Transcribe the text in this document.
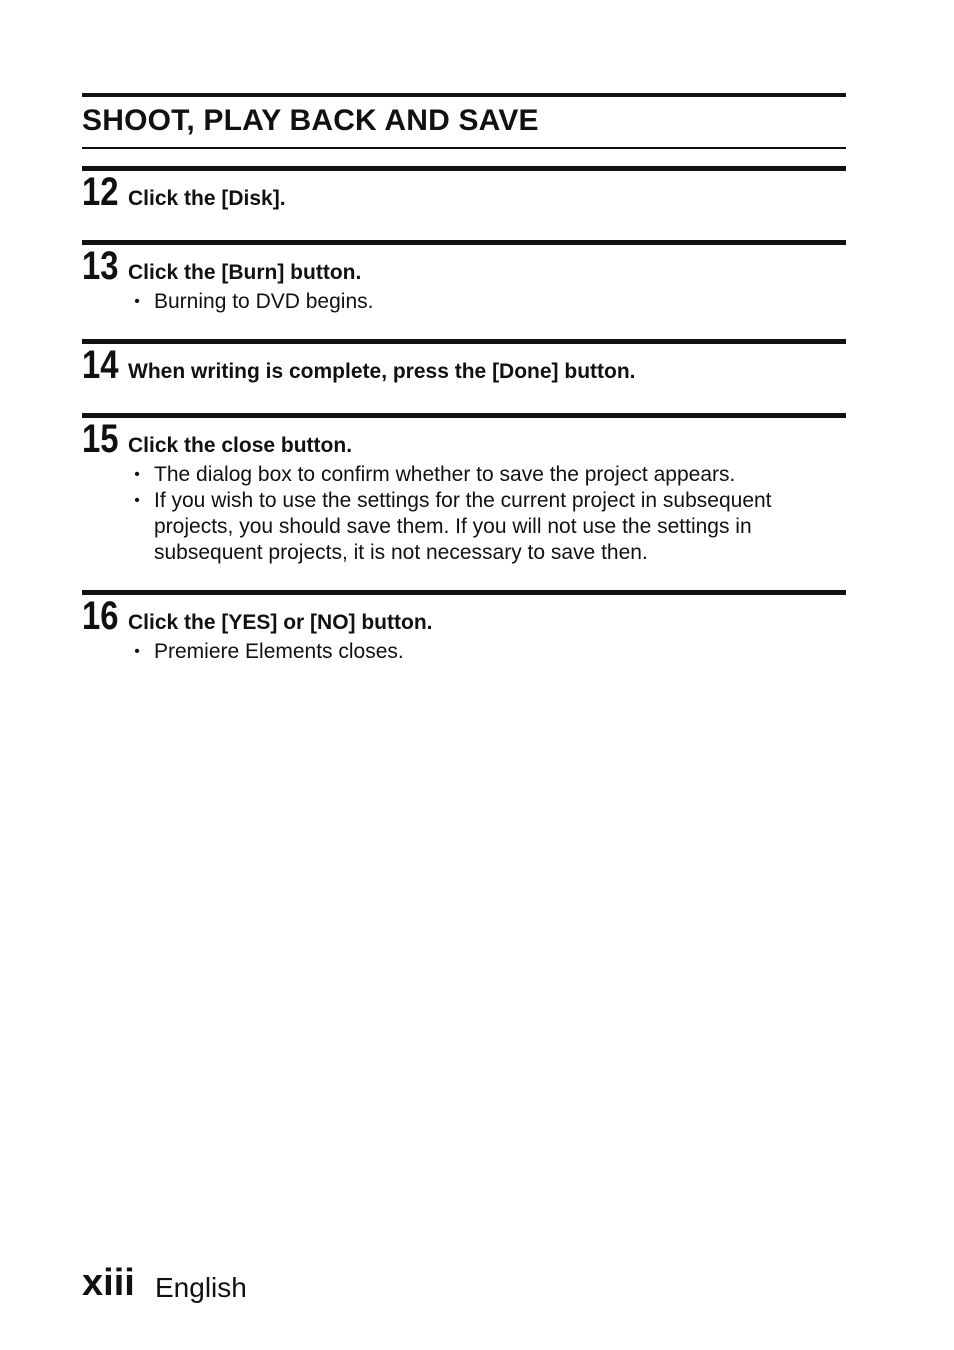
SHOOT, PLAY BACK AND SAVE
12 Click the [Disk].
13 Click the [Burn] button.
• Burning to DVD begins.
14 When writing is complete, press the [Done] button.
15 Click the close button.
• The dialog box to confirm whether to save the project appears.
• If you wish to use the settings for the current project in subsequent projects, you should save them. If you will not use the settings in subsequent projects, it is not necessary to save then.
16 Click the [YES] or [NO] button.
• Premiere Elements closes.
xiii English
